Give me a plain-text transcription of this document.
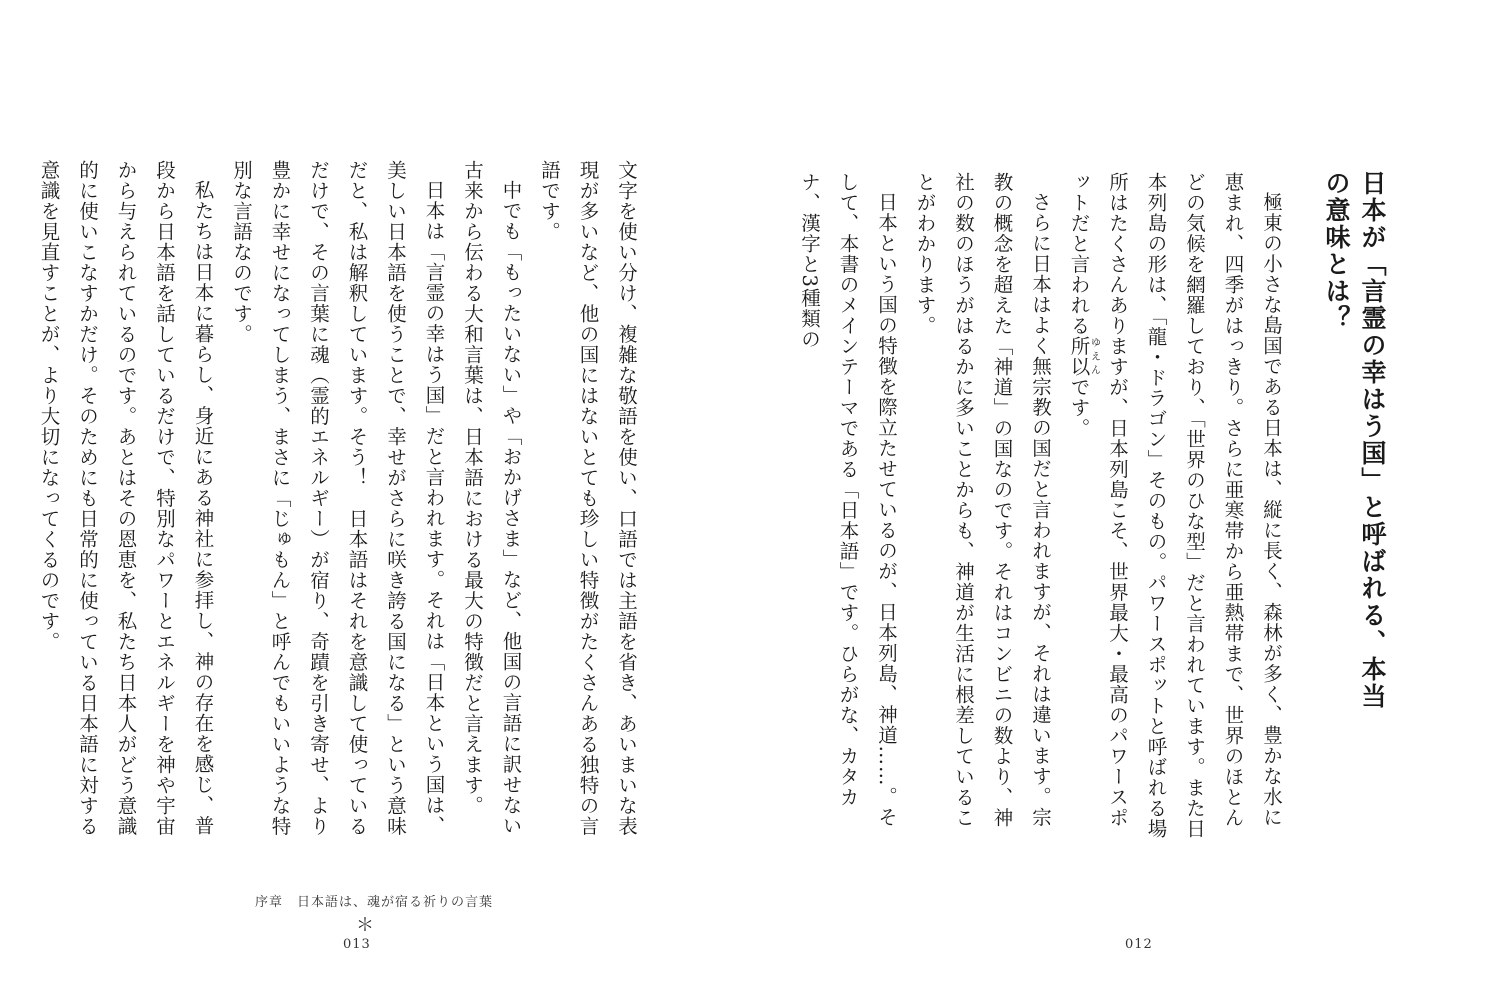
文字を使い分け、複雑な敬語を使い、口語では主語を省き、あいまいな表現が多いなど、他の国にはないとても珍しい特徴がたくさんある独特の言語です。

中でも「もったいない」や「おかげさま」など、他国の言語に訳せない古来から伝わる大和言葉は、日本語における最大の特徴だと言えます。

日本は「言霊の幸はう国」だと言われます。それは「日本という国は、美しい日本語を使うことで、幸せがさらに咲き誇る国になる」という意味だと、私は解釈しています。そう！　日本語はそれを意識して使っているだけで、その言葉に魂（霊的エネルギー）が宿り、奇蹟を引き寄せ、より豊かに幸せになってしまう、まさに「じゅもん」と呼んでもいいような特別な言語なのです。

私たちは日本に暮らし、身近にある神社に参拝し、神の存在を感じ、普段から日本語を話しているだけで、特別なパワーとエネルギーを神や宇宙から与えられているのです。あとはその恩恵を、私たち日本人がどう意識的に使いこなすかだけ。そのためにも日常的に使っている日本語に対する意識を見直すことが、より大切になってくるのです。

序章 日本語は、魂が宿る祈りの言葉
＊
013
日本が「言霊の幸はう国」と呼ばれる、本当の意味とは？

極東の小さな島国である日本は、縦に長く、森林が多く、豊かな水に恵まれ、四季がはっきり。さらに亜寒帯から亜熱帯まで、世界のほとんどの気候を網羅しており、「世界のひな型」だと言われています。また日本列島の形は、「龍・ドラゴン」そのもの。パワースポットと呼ばれる場所はたくさんありますが、日本列島こそ、世界最大・最高のパワースポットだと言われる所以ゆえんです。

さらに日本はよく無宗教の国だと言われますが、それは違います。宗教の概念を超えた「神道」の国なのです。それはコンビニの数より、神社の数のほうがはるかに多いことからも、神道が生活に根差していることがわかります。

日本という国の特徴を際立たせているのが、日本列島、神道……。そして、本書のメインテーマである「日本語」です。ひらがな、カタカナ、漢字と3種類の

012
